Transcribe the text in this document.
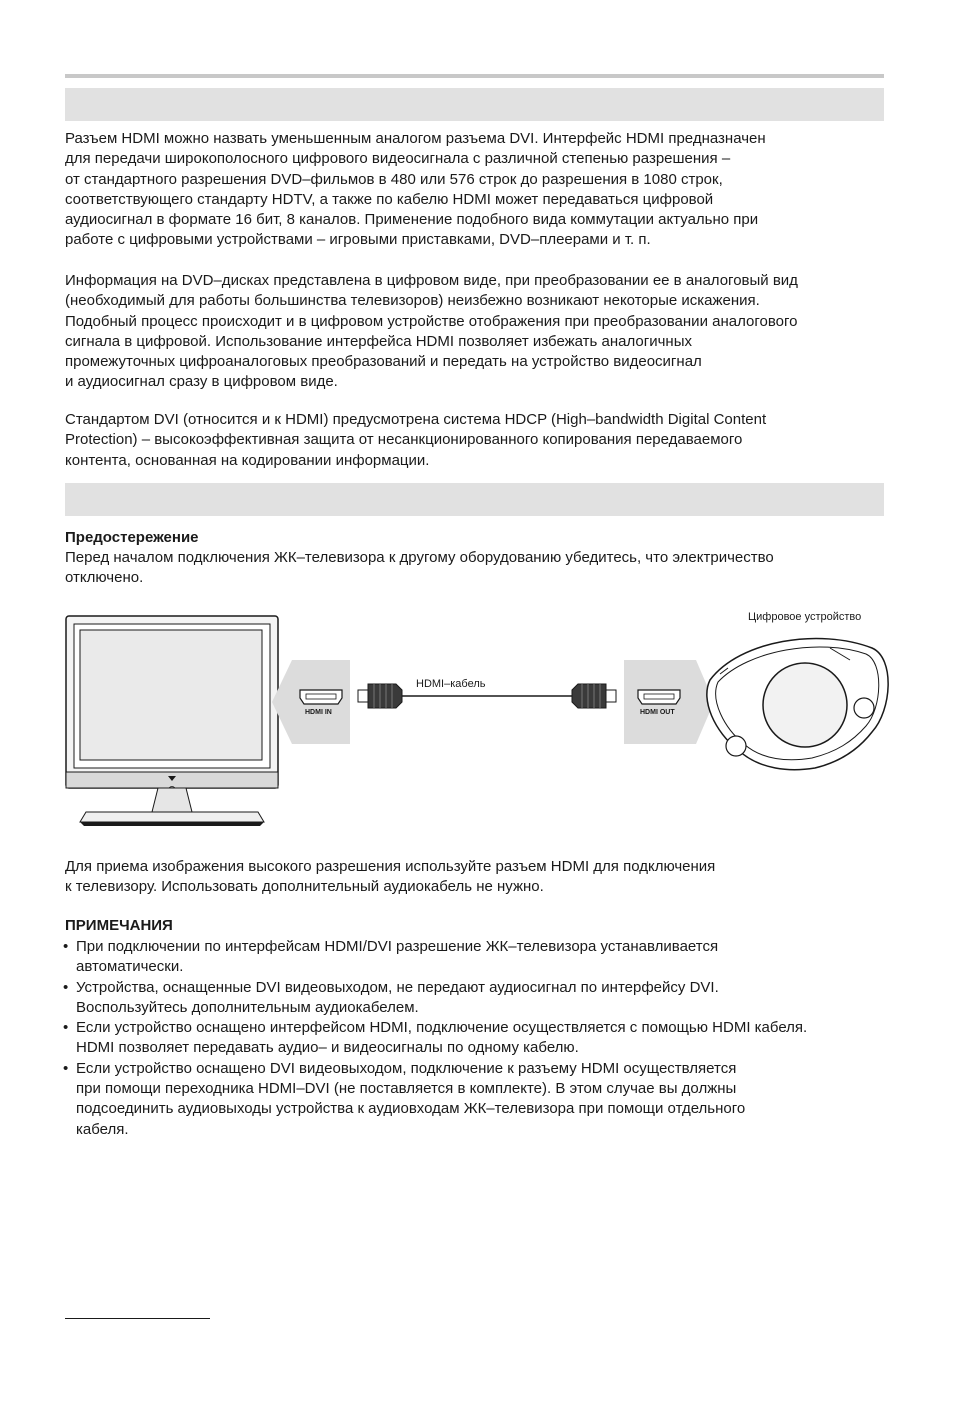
Разъем HDMI можно назвать уменьшенным аналогом разъема DVI. Интерфейс HDMI предназначен
для передачи широкополосного цифрового видеосигнала с различной степенью разрешения –
от стандартного разрешения DVD–фильмов в 480 или 576 строк до разрешения в 1080 строк,
соответствующего стандарту HDTV, а также по кабелю HDMI может передаваться цифровой
аудиосигнал в формате 16 бит, 8 каналов. Применение подобного вида коммутации актуально при
работе с цифровыми устройствами – игровыми приставками, DVD–плеерами и т. п.

Информация на DVD–дисках представлена в цифровом виде, при преобразовании ее в аналоговый вид
(необходимый для работы большинства телевизоров) неизбежно возникают некоторые искажения.
Подобный процесс происходит и в цифровом устройстве отображения при преобразовании аналогового
сигнала в цифровой. Использование интерфейса HDMI позволяет избежать аналогичных
промежуточных цифроаналоговых преобразований и передать на устройство видеосигнал
и аудиосигнал сразу в цифровом виде.

Стандартом DVI (относится и к HDMI) предусмотрена система HDCP (High–bandwidth Digital Content
Protection) – высокоэффективная защита от несанкционированного копирования передаваемого
контента, основанная на кодировании информации.

Предостережение

Перед началом подключения ЖК–телевизора к другому оборудованию убедитесь, что электричество
отключено.

Цифровое устройство
HDMI–кабель
HDMI IN	HDMI OUT

Для приема изображения высокого разрешения используйте разъем HDMI для подключения
к телевизору. Использовать дополнительный аудиокабель не нужно.

ПРИМЕЧАНИЯ

• При подключении по интерфейсам HDMI/DVI разрешение ЖК–телевизора устанавливается
автоматически.
• Устройства, оснащенные DVI видеовыходом, не передают аудиосигнал по интерфейсу DVI.
Воспользуйтесь дополнительным аудиокабелем.
• Если устройство оснащено интерфейсом HDMI, подключение осуществляется с помощью HDMI кабеля.
HDMI позволяет передавать аудио– и видеосигналы по одному кабелю.
• Если устройство оснащено DVI видеовыходом, подключение к разъему HDMI осуществляется
при помощи переходника HDMI–DVI (не поставляется в комплекте). В этом случае вы должны
подсоединить аудиовыходы устройства к аудиовходам ЖК–телевизора при помощи отдельного
кабеля.
